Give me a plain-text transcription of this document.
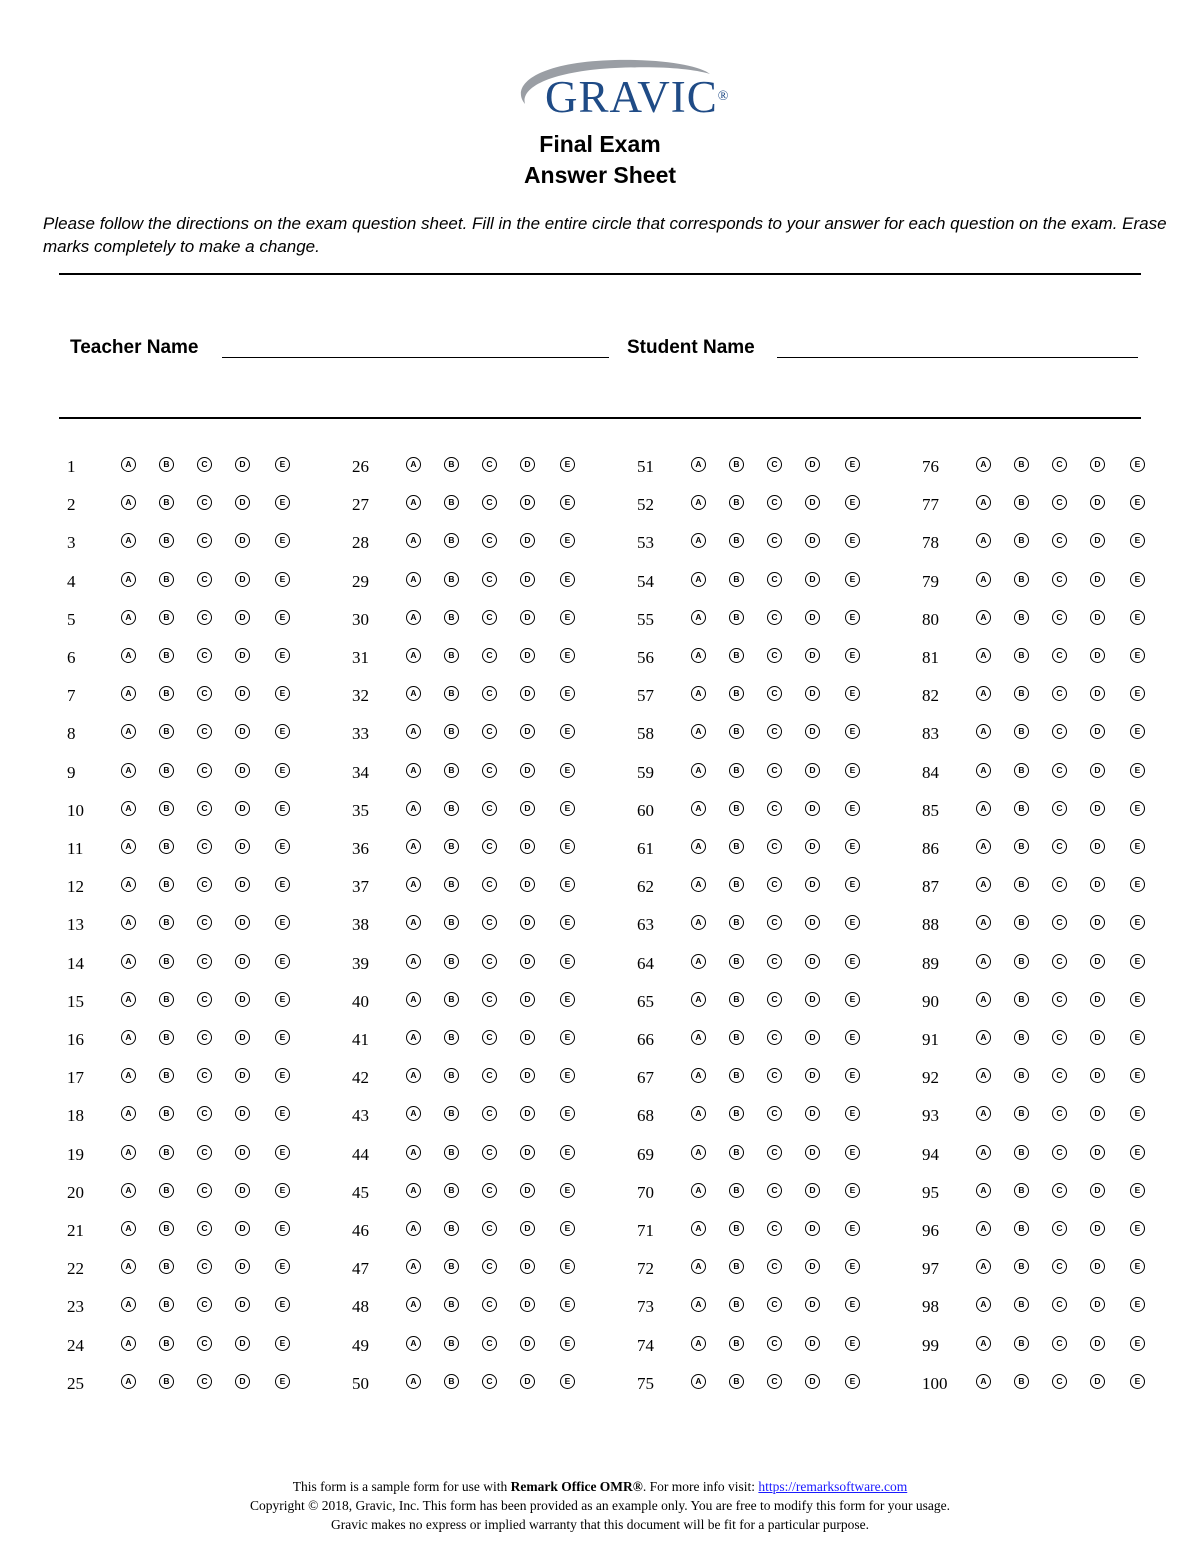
GRAVIC®
Final Exam
Answer Sheet
Please follow the directions on the exam question sheet. Fill in the entire circle that corresponds to your answer for each question on the exam. Erase marks completely to make a change.
Teacher Name	Student Name
1	A	B	C	D	E
2	A	B	C	D	E
3	A	B	C	D	E
4	A	B	C	D	E
5	A	B	C	D	E
6	A	B	C	D	E
7	A	B	C	D	E
8	A	B	C	D	E
9	A	B	C	D	E
10	A	B	C	D	E
11	A	B	C	D	E
12	A	B	C	D	E
13	A	B	C	D	E
14	A	B	C	D	E
15	A	B	C	D	E
16	A	B	C	D	E
17	A	B	C	D	E
18	A	B	C	D	E
19	A	B	C	D	E
20	A	B	C	D	E
21	A	B	C	D	E
22	A	B	C	D	E
23	A	B	C	D	E
24	A	B	C	D	E
25	A	B	C	D	E
26	A	B	C	D	E
27	A	B	C	D	E
28	A	B	C	D	E
29	A	B	C	D	E
30	A	B	C	D	E
31	A	B	C	D	E
32	A	B	C	D	E
33	A	B	C	D	E
34	A	B	C	D	E
35	A	B	C	D	E
36	A	B	C	D	E
37	A	B	C	D	E
38	A	B	C	D	E
39	A	B	C	D	E
40	A	B	C	D	E
41	A	B	C	D	E
42	A	B	C	D	E
43	A	B	C	D	E
44	A	B	C	D	E
45	A	B	C	D	E
46	A	B	C	D	E
47	A	B	C	D	E
48	A	B	C	D	E
49	A	B	C	D	E
50	A	B	C	D	E
51	A	B	C	D	E
52	A	B	C	D	E
53	A	B	C	D	E
54	A	B	C	D	E
55	A	B	C	D	E
56	A	B	C	D	E
57	A	B	C	D	E
58	A	B	C	D	E
59	A	B	C	D	E
60	A	B	C	D	E
61	A	B	C	D	E
62	A	B	C	D	E
63	A	B	C	D	E
64	A	B	C	D	E
65	A	B	C	D	E
66	A	B	C	D	E
67	A	B	C	D	E
68	A	B	C	D	E
69	A	B	C	D	E
70	A	B	C	D	E
71	A	B	C	D	E
72	A	B	C	D	E
73	A	B	C	D	E
74	A	B	C	D	E
75	A	B	C	D	E
76	A	B	C	D	E
77	A	B	C	D	E
78	A	B	C	D	E
79	A	B	C	D	E
80	A	B	C	D	E
81	A	B	C	D	E
82	A	B	C	D	E
83	A	B	C	D	E
84	A	B	C	D	E
85	A	B	C	D	E
86	A	B	C	D	E
87	A	B	C	D	E
88	A	B	C	D	E
89	A	B	C	D	E
90	A	B	C	D	E
91	A	B	C	D	E
92	A	B	C	D	E
93	A	B	C	D	E
94	A	B	C	D	E
95	A	B	C	D	E
96	A	B	C	D	E
97	A	B	C	D	E
98	A	B	C	D	E
99	A	B	C	D	E
100	A	B	C	D	E
This form is a sample form for use with Remark Office OMR®. For more info visit: https://remarksoftware.com
Copyright © 2018, Gravic, Inc. This form has been provided as an example only. You are free to modify this form for your usage.
Gravic makes no express or implied warranty that this document will be fit for a particular purpose.
